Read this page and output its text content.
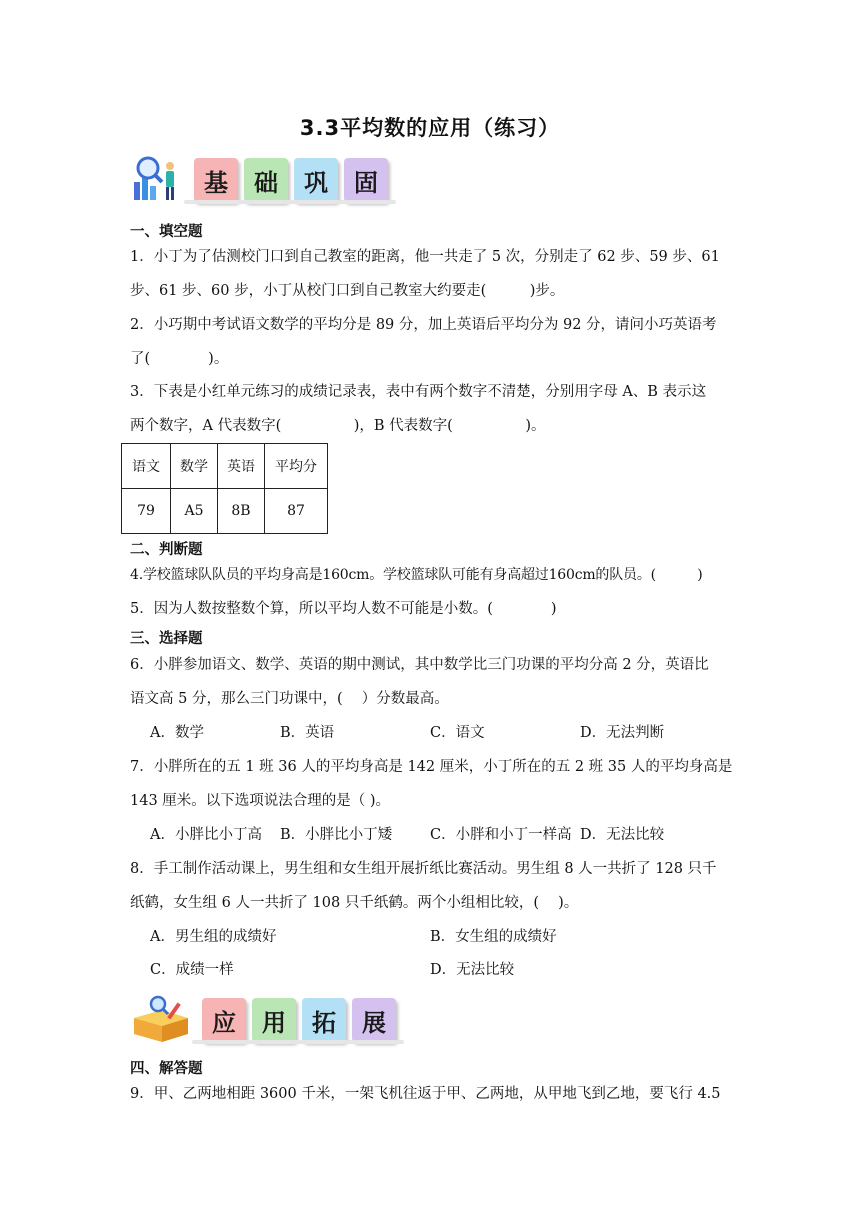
3.3平均数的应用（练习）
基	础	巩	固
一、填空题
1．小丁为了估测校门口到自己教室的距离，他一共走了 5 次，分别走了 62 步、59 步、61
步、61 步、60 步，小丁从校门口到自己教室大约要走(　　　)步。
2．小巧期中考试语文数学的平均分是 89 分，加上英语后平均分为 92 分，请问小巧英语考
了(　　　　)。
3．下表是小红单元练习的成绩记录表，表中有两个数字不清楚，分别用字母 A、B 表示这
两个数字，A 代表数字(　　　　　)，B 代表数字(　　　　　)。
语文	数学	英语	平均分
79	A5	8B	87
二、判断题
4.学校篮球队队员的平均身高是160cm。学校篮球队可能有身高超过160cm的队员。(　　　)
5．因为人数按整数个算，所以平均人数不可能是小数。(　　　　)
三、选择题
6．小胖参加语文、数学、英语的期中测试，其中数学比三门功课的平均分高 2 分，英语比
语文高 5 分，那么三门功课中，(　 ）分数最高。
A．数学	B．英语	C．语文	D．无法判断
7．小胖所在的五 1 班 36 人的平均身高是 142 厘米，小丁所在的五 2 班 35 人的平均身高是
143 厘米。以下选项说法合理的是（ )。
A．小胖比小丁高 B．小胖比小丁矮	C．小胖和小丁一样高 D．无法比较
8．手工制作活动课上，男生组和女生组开展折纸比赛活动。男生组 8 人一共折了 128 只千
纸鹤，女生组 6 人一共折了 108 只千纸鹤。两个小组相比较，(　 )。
A．男生组的成绩好	B．女生组的成绩好
C．成绩一样	D．无法比较
应	用	拓	展
四、解答题
9．甲、乙两地相距 3600 千米，一架飞机往返于甲、乙两地，从甲地飞到乙地，要飞行 4.5
